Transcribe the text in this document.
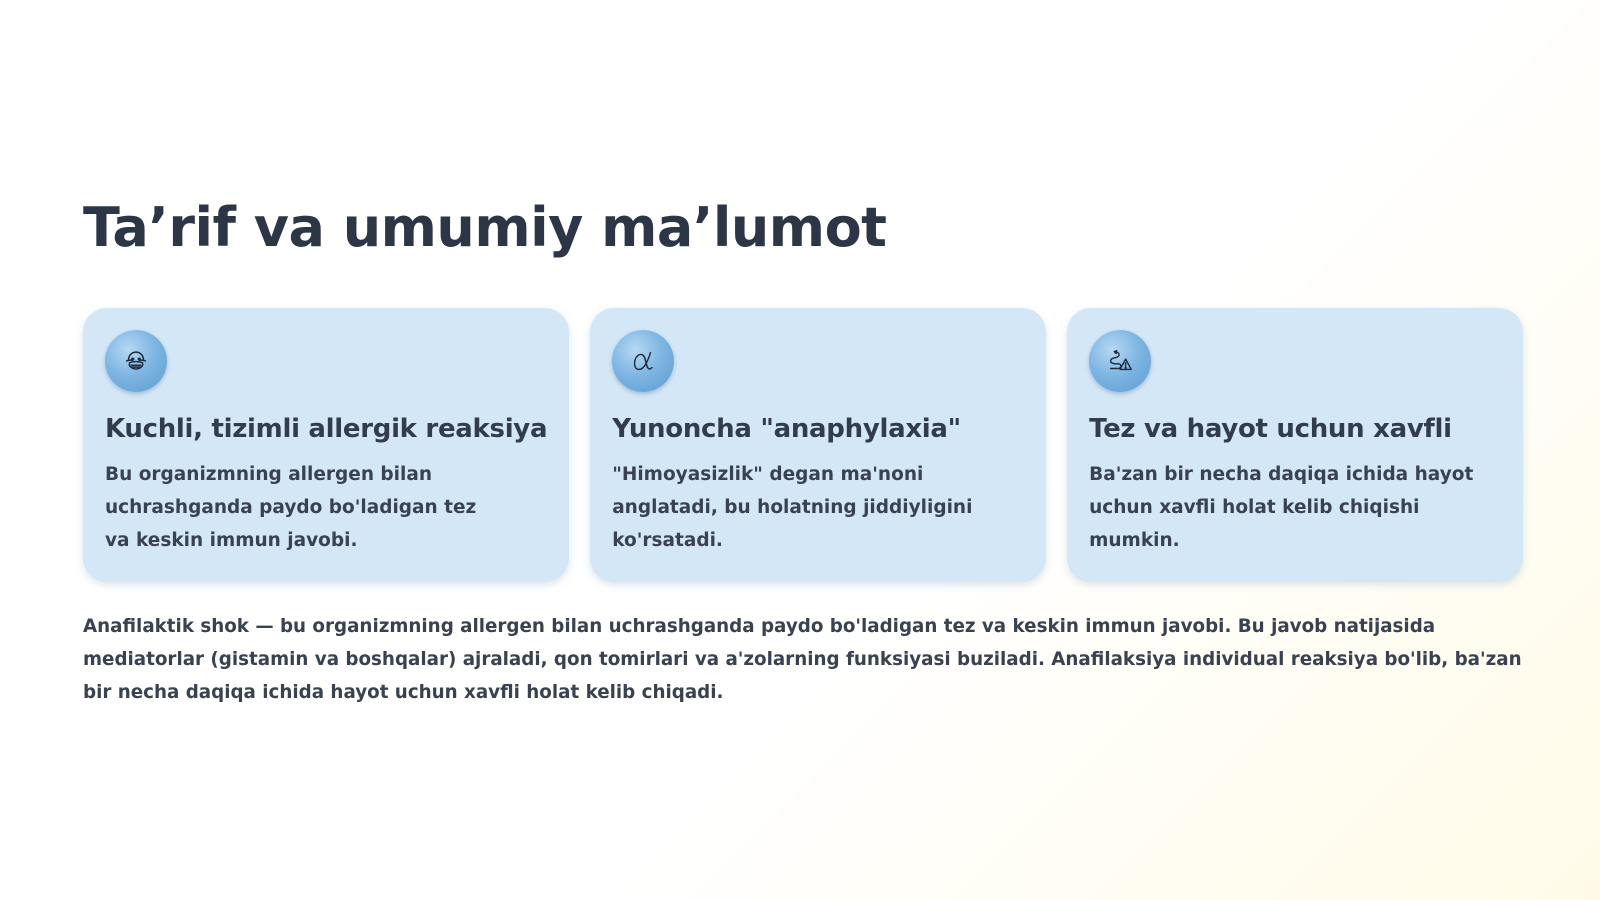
Ta’rif va umumiy ma’lumot
Kuchli, tizimli allergik reaksiya

Bu organizmning allergen bilan uchrashganda paydo bo'ladigan tez va keskin immun javobi.

Yunoncha "anaphylaxia"

"Himoyasizlik" degan ma'noni anglatadi, bu holatning jiddiyligini ko'rsatadi.

Tez va hayot uchun xavfli

Ba'zan bir necha daqiqa ichida hayot uchun xavfli holat kelib chiqishi mumkin.

Anafilaktik shok — bu organizmning allergen bilan uchrashganda paydo bo'ladigan tez va keskin immun javobi. Bu javob natijasida mediatorlar (gistamin va boshqalar) ajraladi, qon tomirlari va a'zolarning funksiyasi buziladi. Anafilaksiya individual reaksiya bo'lib, ba'zan bir necha daqiqa ichida hayot uchun xavfli holat kelib chiqadi.
